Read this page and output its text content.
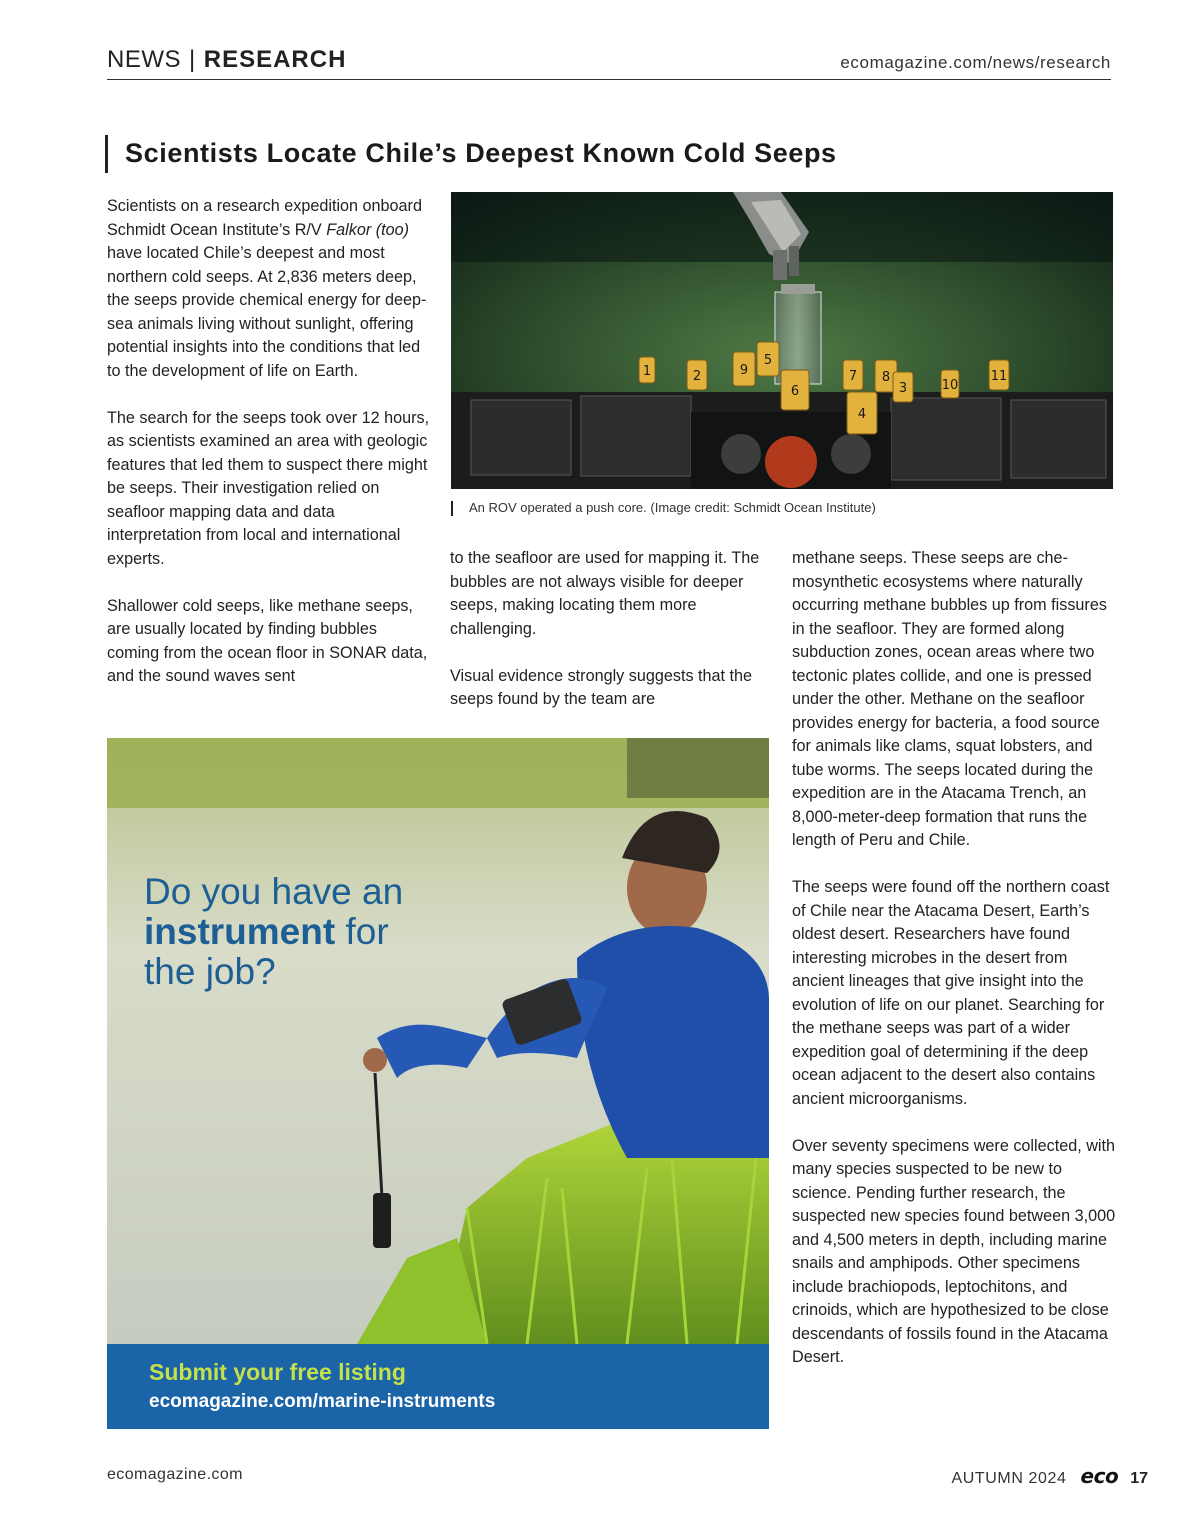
NEWS | RESEARCH	ecomagazine.com/news/research
Scientists Locate Chile’s Deepest Known Cold Seeps

Scientists on a research expedition onboard Schmidt Ocean Institute’s R/V Falkor (too) have located Chile’s deepest and most northern cold seeps. At 2,836 meters deep, the seeps provide chemical energy for deep-sea animals living without sunlight, offering potential insights into the conditions that led to the development of life on Earth.

The search for the seeps took over 12 hours, as scientists examined an area with geologic features that led them to suspect there might be seeps. Their investigation relied on seafloor mapping data and data interpretation from local and international experts.

Shallower cold seeps, like methane seeps, are usually located by finding bubbles coming from the ocean floor in SONAR data, and the sound waves sent

1	2	9
5
6
7 8
4
3	10
11
An ROV operated a push core. (Image credit: Schmidt Ocean Institute)

to the seafloor are used for mapping it. The bubbles are not always visible for deeper seeps, making locating them more challenging.

Visual evidence strongly suggests that the seeps found by the team are

methane seeps. These seeps are che-mosynthetic ecosystems where naturally occurring methane bubbles up from fissures in the seafloor. They are formed along subduction zones, ocean areas where two tectonic plates collide, and one is pressed under the other. Methane on the seafloor provides energy for bacteria, a food source for animals like clams, squat lobsters, and tube worms. The seeps located during the expedition are in the Atacama Trench, an 8,000-meter-deep formation that runs the length of Peru and Chile.

The seeps were found off the northern coast of Chile near the Atacama Desert, Earth’s oldest desert. Researchers have found interesting microbes in the desert from ancient lineages that give insight into the evolution of life on our planet. Searching for the methane seeps was part of a wider expedition goal of determining if the deep ocean adjacent to the desert also contains ancient microorganisms.

Over seventy specimens were collected, with many species suspected to be new to science. Pending further research, the suspected new species found between 3,000 and 4,500 meters in depth, including marine snails and amphipods. Other specimens include brachiopods, leptochitons, and crinoids, which are hypothesized to be close descendants of fossils found in the Atacama Desert.

Do you have an
instrument for
the job?
Submit your free listing
ecomagazine.com/marine-instruments
ecomagazine.com	AUTUMN 2024 eco 17
